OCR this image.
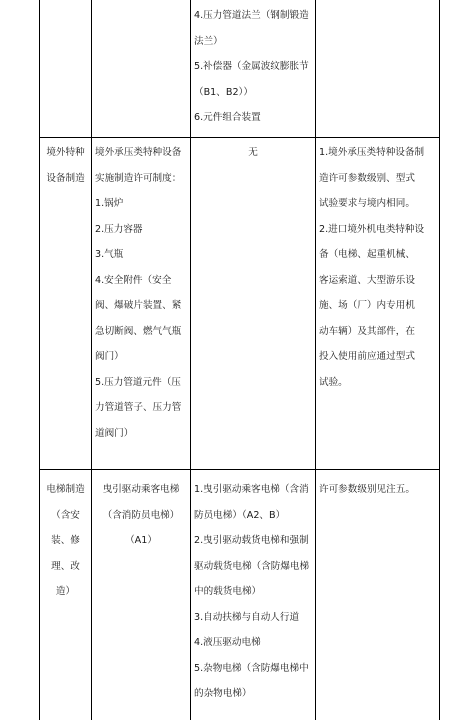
4.压力管道法兰（钢制锻造

法兰）

5.补偿器（金属波纹膨胀节

（B1、B2））

6.元件组合装置

境外特种

设备制造

境外承压类特种设备

实施制造许可制度：

1.锅炉

2.压力容器

3.气瓶

4.安全附件（安全

阀、爆破片装置、紧

急切断阀、燃气气瓶

阀门）

5.压力管道元件（压

力管道管子、压力管

道阀门）

无	1.境外承压类特种设备制

造许可参数级别、型式

试验要求与境内相同。

2.进口境外机电类特种设

备（电梯、起重机械、

客运索道、大型游乐设

施、场（厂）内专用机

动车辆）及其部件，在

投入使用前应通过型式

试验。

电梯制造

（含安

装、修

理、改

造）

曳引驱动乘客电梯

（含消防员电梯）

（A1）

1.曳引驱动乘客电梯（含消

防员电梯）（A2、B）

2.曳引驱动载货电梯和强制

驱动载货电梯（含防爆电梯

中的载货电梯）

3.自动扶梯与自动人行道

4.液压驱动电梯

5.杂物电梯（含防爆电梯中

的杂物电梯）

许可参数级别见注五。
